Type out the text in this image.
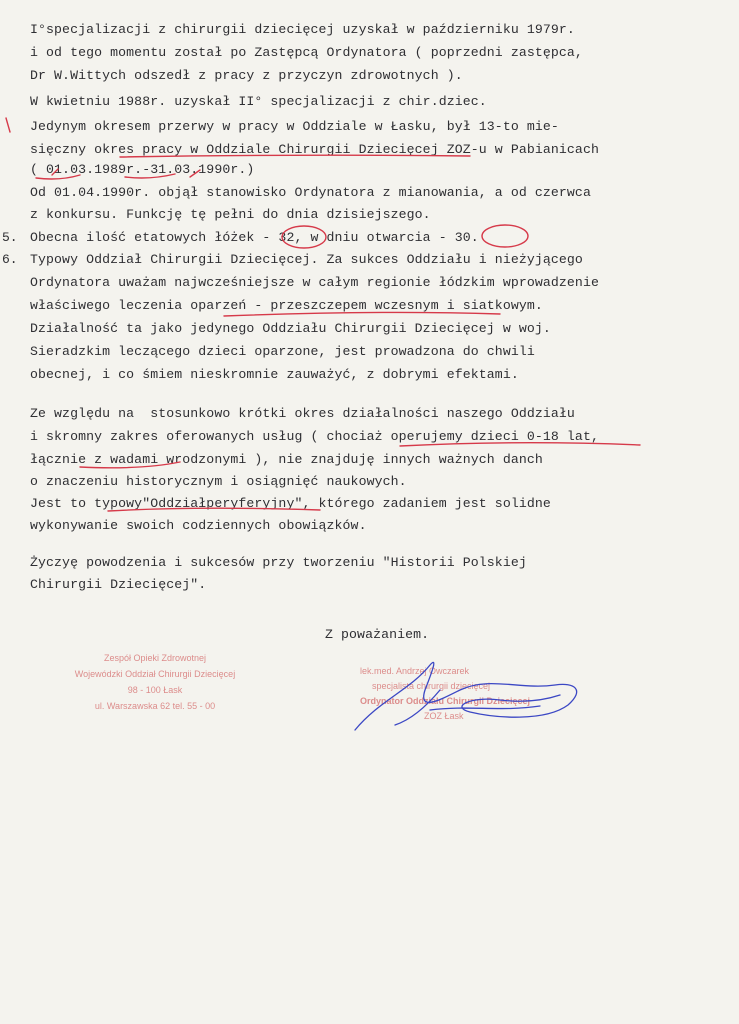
I°specjalizacji z chirurgii dziecięcej uzyskał w październiku 1979r.
i od tego momentu został po Zastępcą Ordynatora ( poprzedni zastępca,
Dr W.Wittych odszedł z pracy z przyczyn zdrowotnych ).
W kwietniu 1988r. uzyskał II° specjalizacji z chir.dziec.
Jedynym okresem przerwy w pracy w Oddziale w Łasku, był 13-to mie-
sięczny okres pracy w Oddziale Chirurgii Dziecięcej ZOZ-u w Pabianicach
( 01.03.1989r.-31.03.1990r.)
Od 01.04.1990r. objął stanowisko Ordynatora z mianowania, a od czerwca
z konkursu. Funkcję tę pełni do dnia dzisiejszego.
5. Obecna ilość etatowych łóżek - 32, w dniu otwarcia - 30.
6. Typowy Oddział Chirurgii Dziecięcej. Za sukces Oddziału i nieżyjącego
Ordynatora uważam najwcześniejsze w całym regionie łódzkim wprowadzenie
właściwego leczenia oparzeń - przeszczepem wczesnym i siatkowym.
Działalność ta jako jedynego Oddziału Chirurgii Dziecięcej w woj.
Sieradzkim leczącego dzieci oparzone, jest prowadzona do chwili
obecnej, i co śmiem nieskromnie zauważyć, z dobrymi efektami.
Ze względu na  stosunkowo krótki okres działalności naszego Oddziału
i skromny zakres oferowanych usług ( chociaż operujemy dzieci 0-18 lat,
łącznie z wadami wrodzonymi ), nie znajduję innych ważnych danch
o znaczeniu historycznym i osiągnięć naukowych.
Jest to typowy"Oddziałperyferyjny", którego zadaniem jest solidne
wykonywanie swoich codziennych obowiązków.
Życzyę powodzenia i sukcesów przy tworzeniu "Historii Polskiej
Chirurgii Dziecięcej".
Z poważaniem.
Zespół Opieki Zdrowotnej
Wojewódzki Oddział Chirurgii Dziecięcej
98 - 100 Łask
ul. Warszawska 62 tel. 55 - 00
lek.med. Andrzej Owczarek
specjalista chirurgii dziecięcej
Ordynator Oddziału Chirurgii Dziecięcej
ZOZ Łask
